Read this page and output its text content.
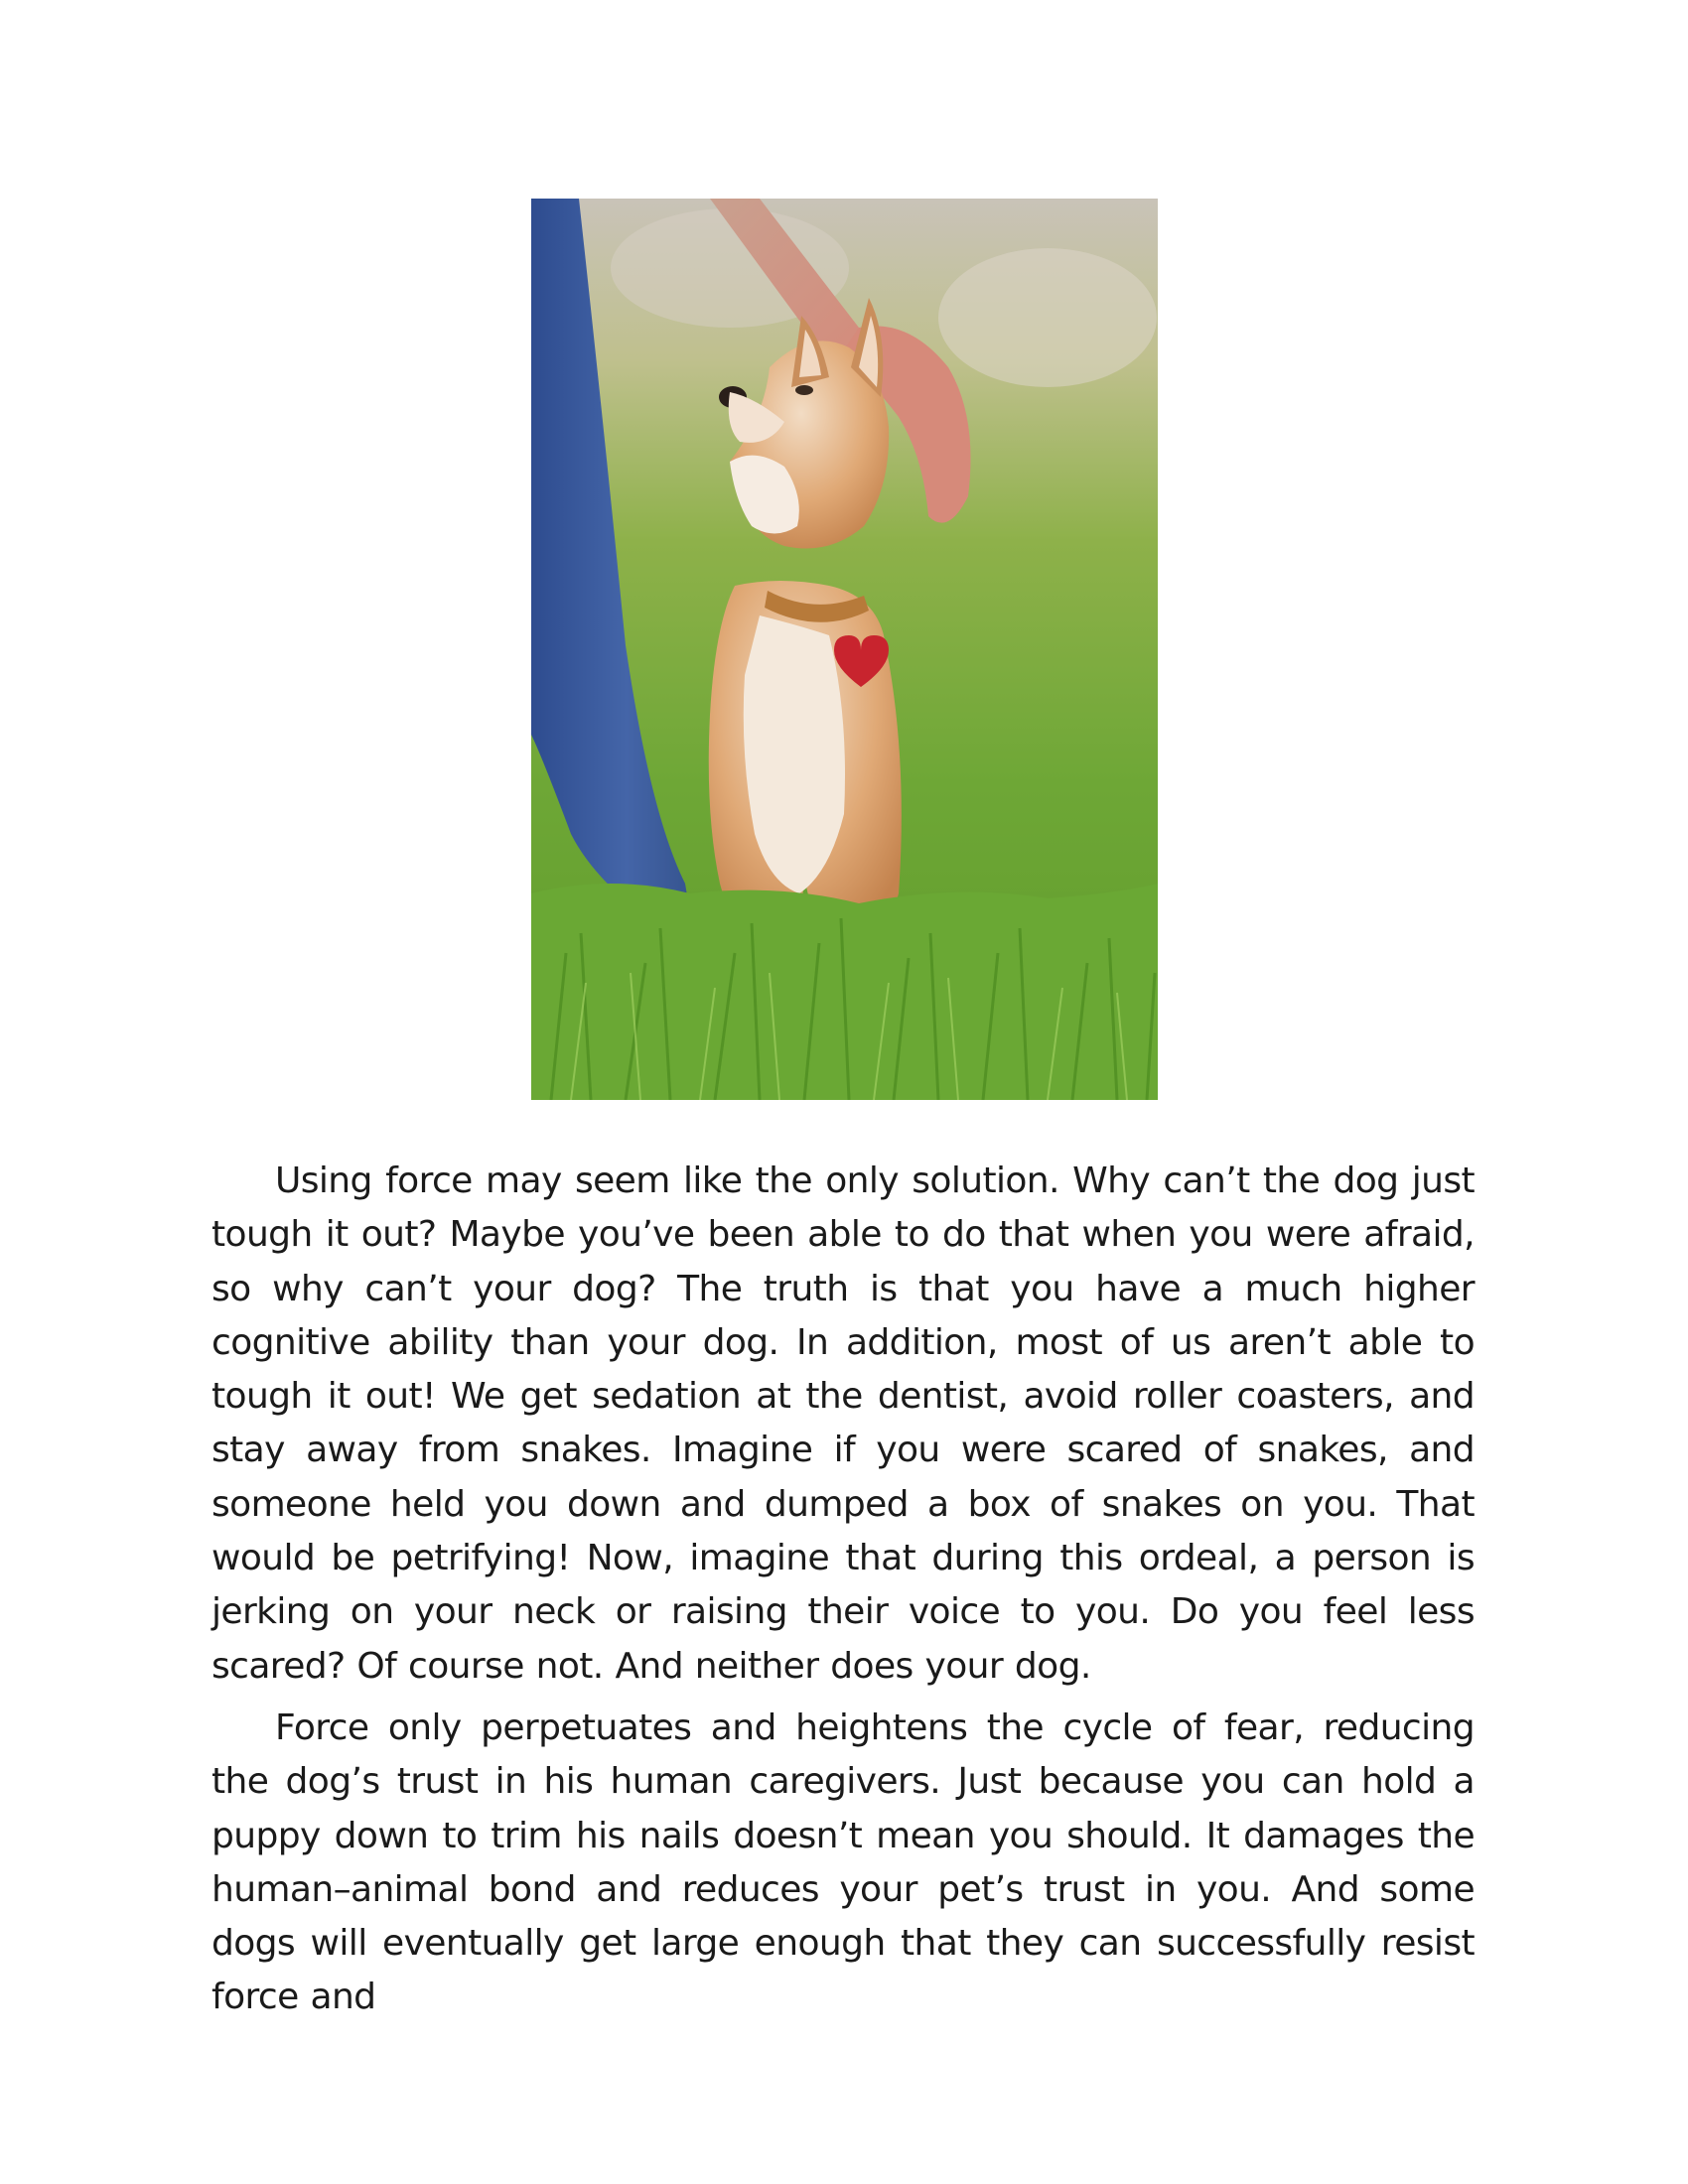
Using force may seem like the only solution. Why can’t the dog just tough it out? Maybe you’ve been able to do that when you were afraid, so why can’t your dog? The truth is that you have a much higher cognitive ability than your dog. In addition, most of us aren’t able to tough it out! We get sedation at the dentist, avoid roller coasters, and stay away from snakes. Imagine if you were scared of snakes, and someone held you down and dumped a box of snakes on you. That would be petrifying! Now, imagine that during this ordeal, a person is jerking on your neck or raising their voice to you. Do you feel less scared? Of course not. And neither does your dog.

Force only perpetuates and heightens the cycle of fear, reducing the dog’s trust in his human caregivers. Just because you can hold a puppy down to trim his nails doesn’t mean you should. It damages the human–animal bond and reduces your pet’s trust in you. And some dogs will eventually get large enough that they can successfully resist force and
